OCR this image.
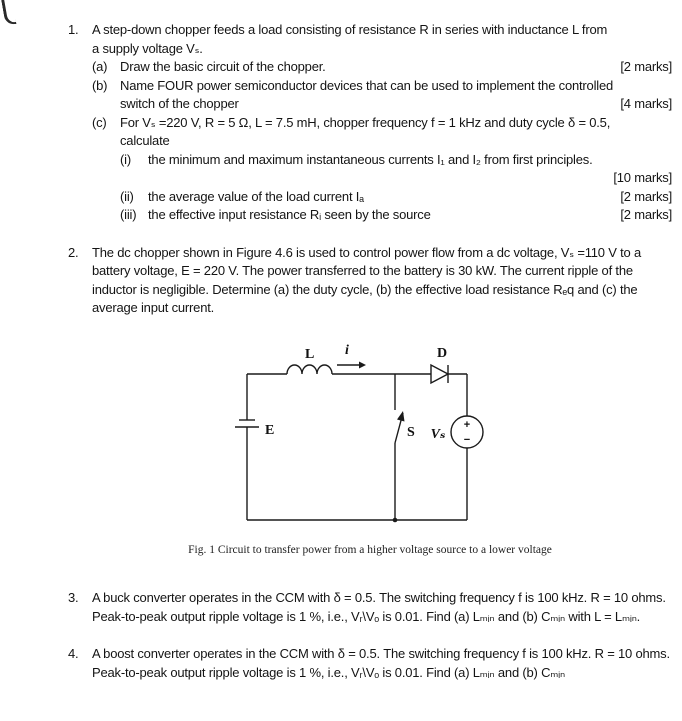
1.	A step-down chopper feeds a load consisting of resistance R in series with inductance L from
a supply voltage Vₛ.
(a) Draw the basic circuit of the chopper.	[2 marks]
(b) Name FOUR power semiconductor devices that can be used to implement the controlled
switch of the chopper	[4 marks]
(c)	For Vₛ =220 V, R = 5 Ω, L = 7.5 mH, chopper frequency f = 1 kHz and duty cycle δ = 0.5,
calculate
(i)	the minimum and maximum instantaneous currents I₁ and I₂ from first principles.
[10 marks]
(ii)	the average value of the load current Iₐ	[2 marks]
(iii) the effective input resistance Rᵢ seen by the source	[2 marks]
2.	The dc chopper shown in Figure 4.6 is used to control power flow from a dc voltage, Vₛ =110 V to a battery voltage, E = 220 V. The power transferred to the battery is 30 kW. The current ripple of the inductor is negligible. Determine (a) the duty cycle, (b) the effective load resistance Rₑq and (c) the average input current.

L i	D
S Vₛ
E	+
−
Fig. 1 Circuit to transfer power from a higher voltage source to a lower voltage
3.	A buck converter operates in the CCM with δ = 0.5. The switching frequency f is 100 kHz. R = 10 ohms. Peak-to-peak output ripple voltage is 1 %, i.e., Vᵣ\Vₒ is 0.01. Find (a) Lₘᵢₙ and (b) Cₘᵢₙ with L = Lₘᵢₙ.

4.	A boost converter operates in the CCM with δ = 0.5. The switching frequency f is 100 kHz. R = 10 ohms. Peak-to-peak output ripple voltage is 1 %, i.e., Vᵣ\Vₒ is 0.01. Find (a) Lₘᵢₙ and (b) Cₘᵢₙ
